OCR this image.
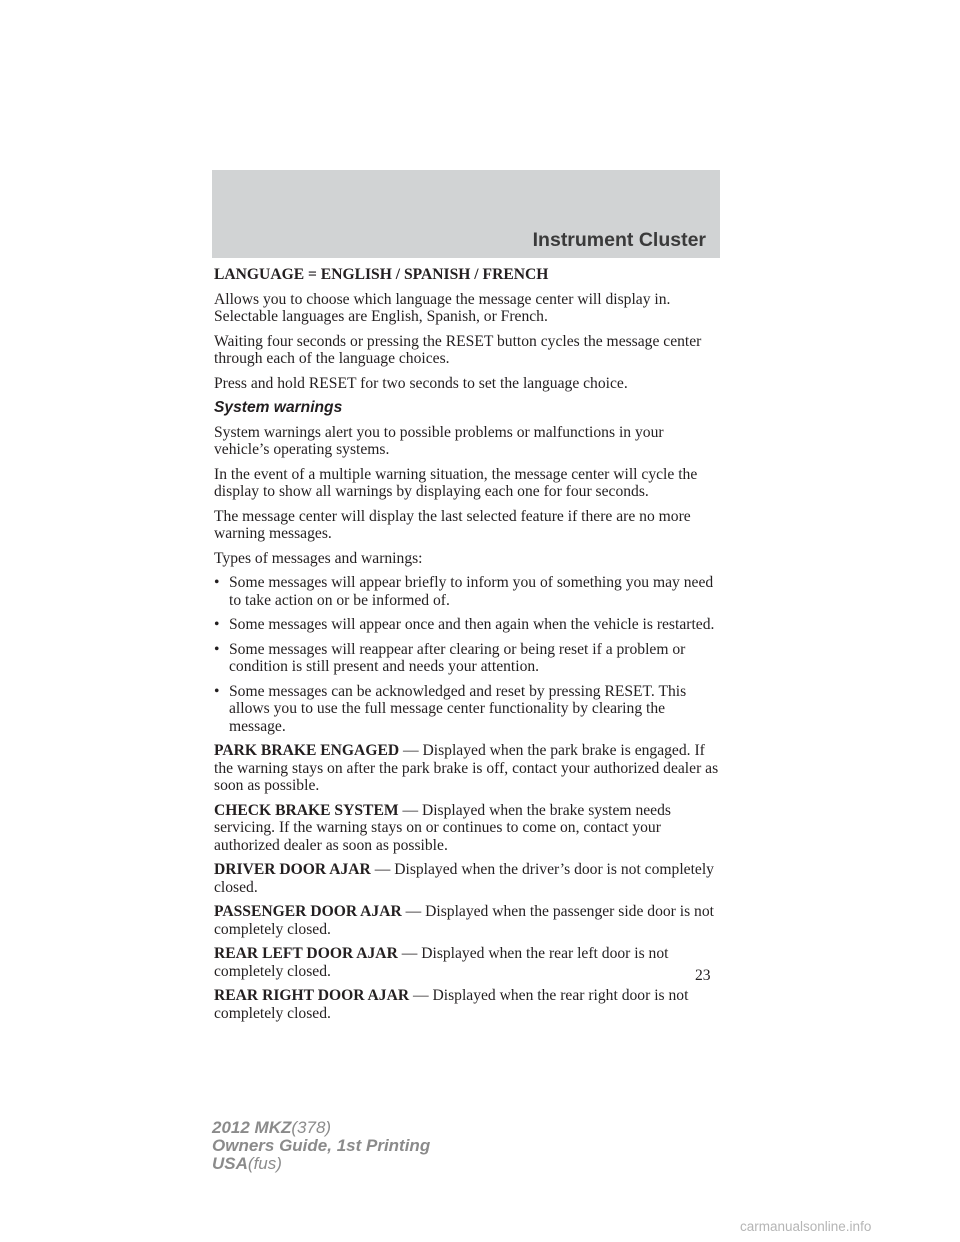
Instrument Cluster

LANGUAGE = ENGLISH / SPANISH / FRENCH

Allows you to choose which language the message center will display in. Selectable languages are English, Spanish, or French.

Waiting four seconds or pressing the RESET button cycles the message center through each of the language choices.

Press and hold RESET for two seconds to set the language choice.

System warnings

System warnings alert you to possible problems or malfunctions in your vehicle’s operating systems.

In the event of a multiple warning situation, the message center will cycle the display to show all warnings by displaying each one for four seconds.

The message center will display the last selected feature if there are no more warning messages.

Types of messages and warnings:

• Some messages will appear briefly to inform you of something you may need to take action on or be informed of.
• Some messages will appear once and then again when the vehicle is restarted.
• Some messages will reappear after clearing or being reset if a problem or condition is still present and needs your attention.
• Some messages can be acknowledged and reset by pressing RESET. This allows you to use the full message center functionality by clearing the message.

PARK BRAKE ENGAGED — Displayed when the park brake is engaged. If the warning stays on after the park brake is off, contact your authorized dealer as soon as possible.

CHECK BRAKE SYSTEM — Displayed when the brake system needs servicing. If the warning stays on or continues to come on, contact your authorized dealer as soon as possible.

DRIVER DOOR AJAR — Displayed when the driver’s door is not completely closed.

PASSENGER DOOR AJAR — Displayed when the passenger side door is not completely closed.

REAR LEFT DOOR AJAR — Displayed when the rear left door is not completely closed.

REAR RIGHT DOOR AJAR — Displayed when the rear right door is not completely closed.

23
2012 MKZ(378)
Owners Guide, 1st Printing
USA(fus)
carmanualsonline.info
